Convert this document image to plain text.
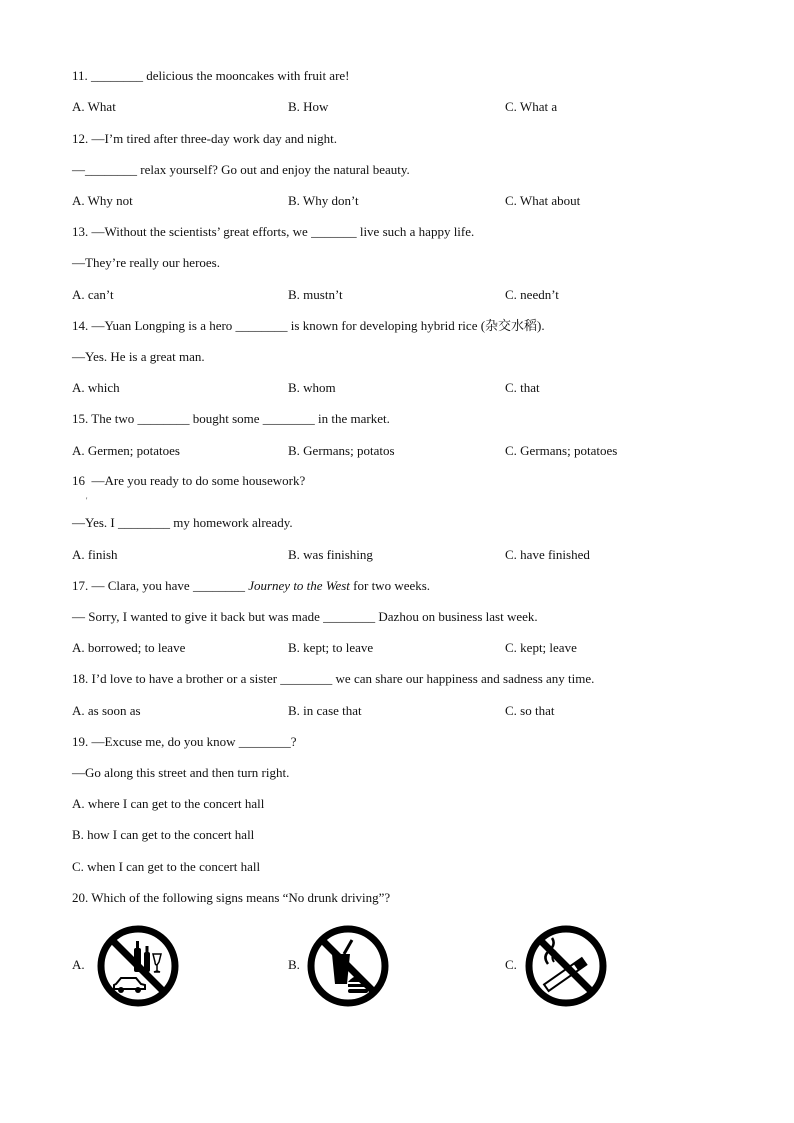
11. ________ delicious the mooncakes with fruit are!
A. What	B. How	C. What a
12. —I’m tired after three-day work day and night.
—________ relax yourself? Go out and enjoy the natural beauty.
A. Why not	B. Why don’t	C. What about
13. —Without the scientists’ great efforts, we _______ live such a happy life.
—They’re really our heroes.
A. can’t	B. mustn’t	C. needn’t
14. —Yuan Longping is a hero ________ is known for developing hybrid rice (杂交水稻).
—Yes. He is a great man.
A. which	B. whom	C. that
15. The two ________ bought some ________ in the market.
A. Germen; potatoes	B. Germans; potatos	C. Germans; potatoes
16  —Are you ready to do some housework?
'
—Yes. I ________ my homework already.
A. finish	B. was finishing	C. have finished
17. — Clara, you have ________ Journey to the West for two weeks.
— Sorry, I wanted to give it back but was made ________ Dazhou on business last week.
A. borrowed; to leave	B. kept; to leave	C. kept; leave
18. I’d love to have a brother or a sister ________ we can share our happiness and sadness any time.
A. as soon as	B. in case that	C. so that
19. —Excuse me, do you know ________?
—Go along this street and then turn right.
A. where I can get to the concert hall
B. how I can get to the concert hall
C. when I can get to the concert hall
20. Which of the following signs means “No drunk driving”?
A.	B.	C.
